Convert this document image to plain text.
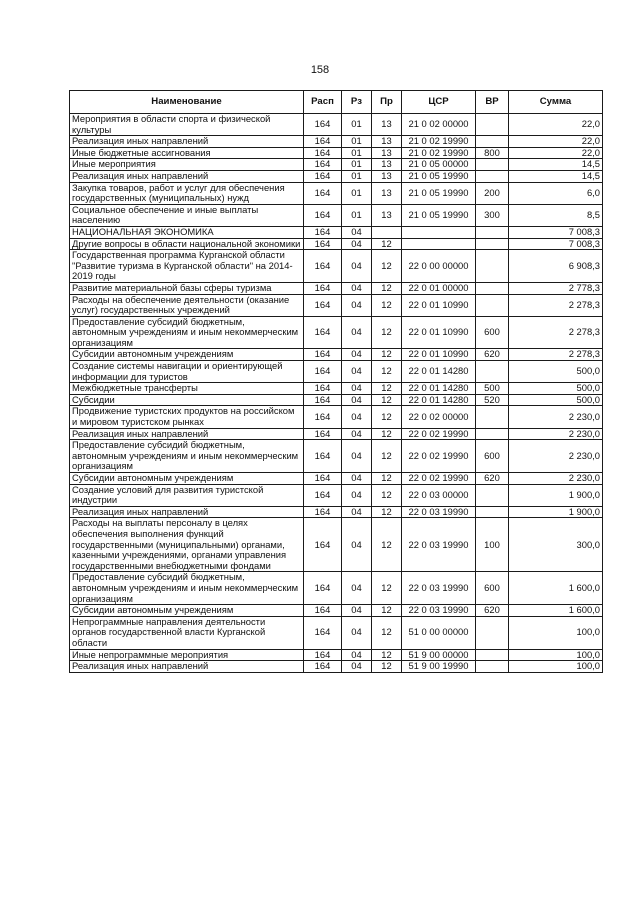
158
Наименование	Расп	Рз	Пр	ЦСР	ВР	Сумма
Мероприятия в области спорта и физической культуры	164	01	13	21 0 02 00000		22,0
Реализация иных направлений	164	01	13	21 0 02 19990		22,0
Иные бюджетные ассигнования	164	01	13	21 0 02 19990	800	22,0
Иные мероприятия	164	01	13	21 0 05 00000		14,5
Реализация иных направлений	164	01	13	21 0 05 19990		14,5
Закупка товаров, работ и услуг для обеспечения государственных (муниципальных) нужд	164	01	13	21 0 05 19990	200	6,0
Социальное обеспечение и иные выплаты населению	164	01	13	21 0 05 19990	300	8,5
НАЦИОНАЛЬНАЯ ЭКОНОМИКА	164	04				7 008,3
Другие вопросы в области национальной экономики	164	04	12			7 008,3
Государственная программа Курганской области "Развитие туризма в Курганской области" на 2014-2019 годы	164	04	12	22 0 00 00000		6 908,3
Развитие материальной базы сферы туризма	164	04	12	22 0 01 00000		2 778,3
Расходы на обеспечение деятельности (оказание услуг) государственных учреждений	164	04	12	22 0 01 10990		2 278,3
Предоставление субсидий бюджетным, автономным учреждениям и иным некоммерческим организациям	164	04	12	22 0 01 10990	600	2 278,3
Субсидии автономным учреждениям	164	04	12	22 0 01 10990	620	2 278,3
Создание системы навигации и ориентирующей информации для туристов	164	04	12	22 0 01 14280		500,0
Межбюджетные трансферты	164	04	12	22 0 01 14280	500	500,0
Субсидии	164	04	12	22 0 01 14280	520	500,0
Продвижение туристских продуктов на российском и мировом туристском рынках	164	04	12	22 0 02 00000		2 230,0
Реализация иных направлений	164	04	12	22 0 02 19990		2 230,0
Предоставление субсидий бюджетным, автономным учреждениям и иным некоммерческим организациям	164	04	12	22 0 02 19990	600	2 230,0
Субсидии автономным учреждениям	164	04	12	22 0 02 19990	620	2 230,0
Создание условий для развития туристской индустрии	164	04	12	22 0 03 00000		1 900,0
Реализация иных направлений	164	04	12	22 0 03 19990		1 900,0
Расходы на выплаты персоналу в целях обеспечения выполнения функций государственными (муниципальными) органами, казенными учреждениями, органами управления государственными внебюджетными фондами	164	04	12	22 0 03 19990	100	300,0
Предоставление субсидий бюджетным, автономным учреждениям и иным некоммерческим организациям	164	04	12	22 0 03 19990	600	1 600,0
Субсидии автономным учреждениям	164	04	12	22 0 03 19990	620	1 600,0
Непрограммные направления деятельности органов государственной власти Курганской области	164	04	12	51 0 00 00000		100,0
Иные непрограммные мероприятия	164	04	12	51 9 00 00000		100,0
Реализация иных направлений	164	04	12	51 9 00 19990		100,0
